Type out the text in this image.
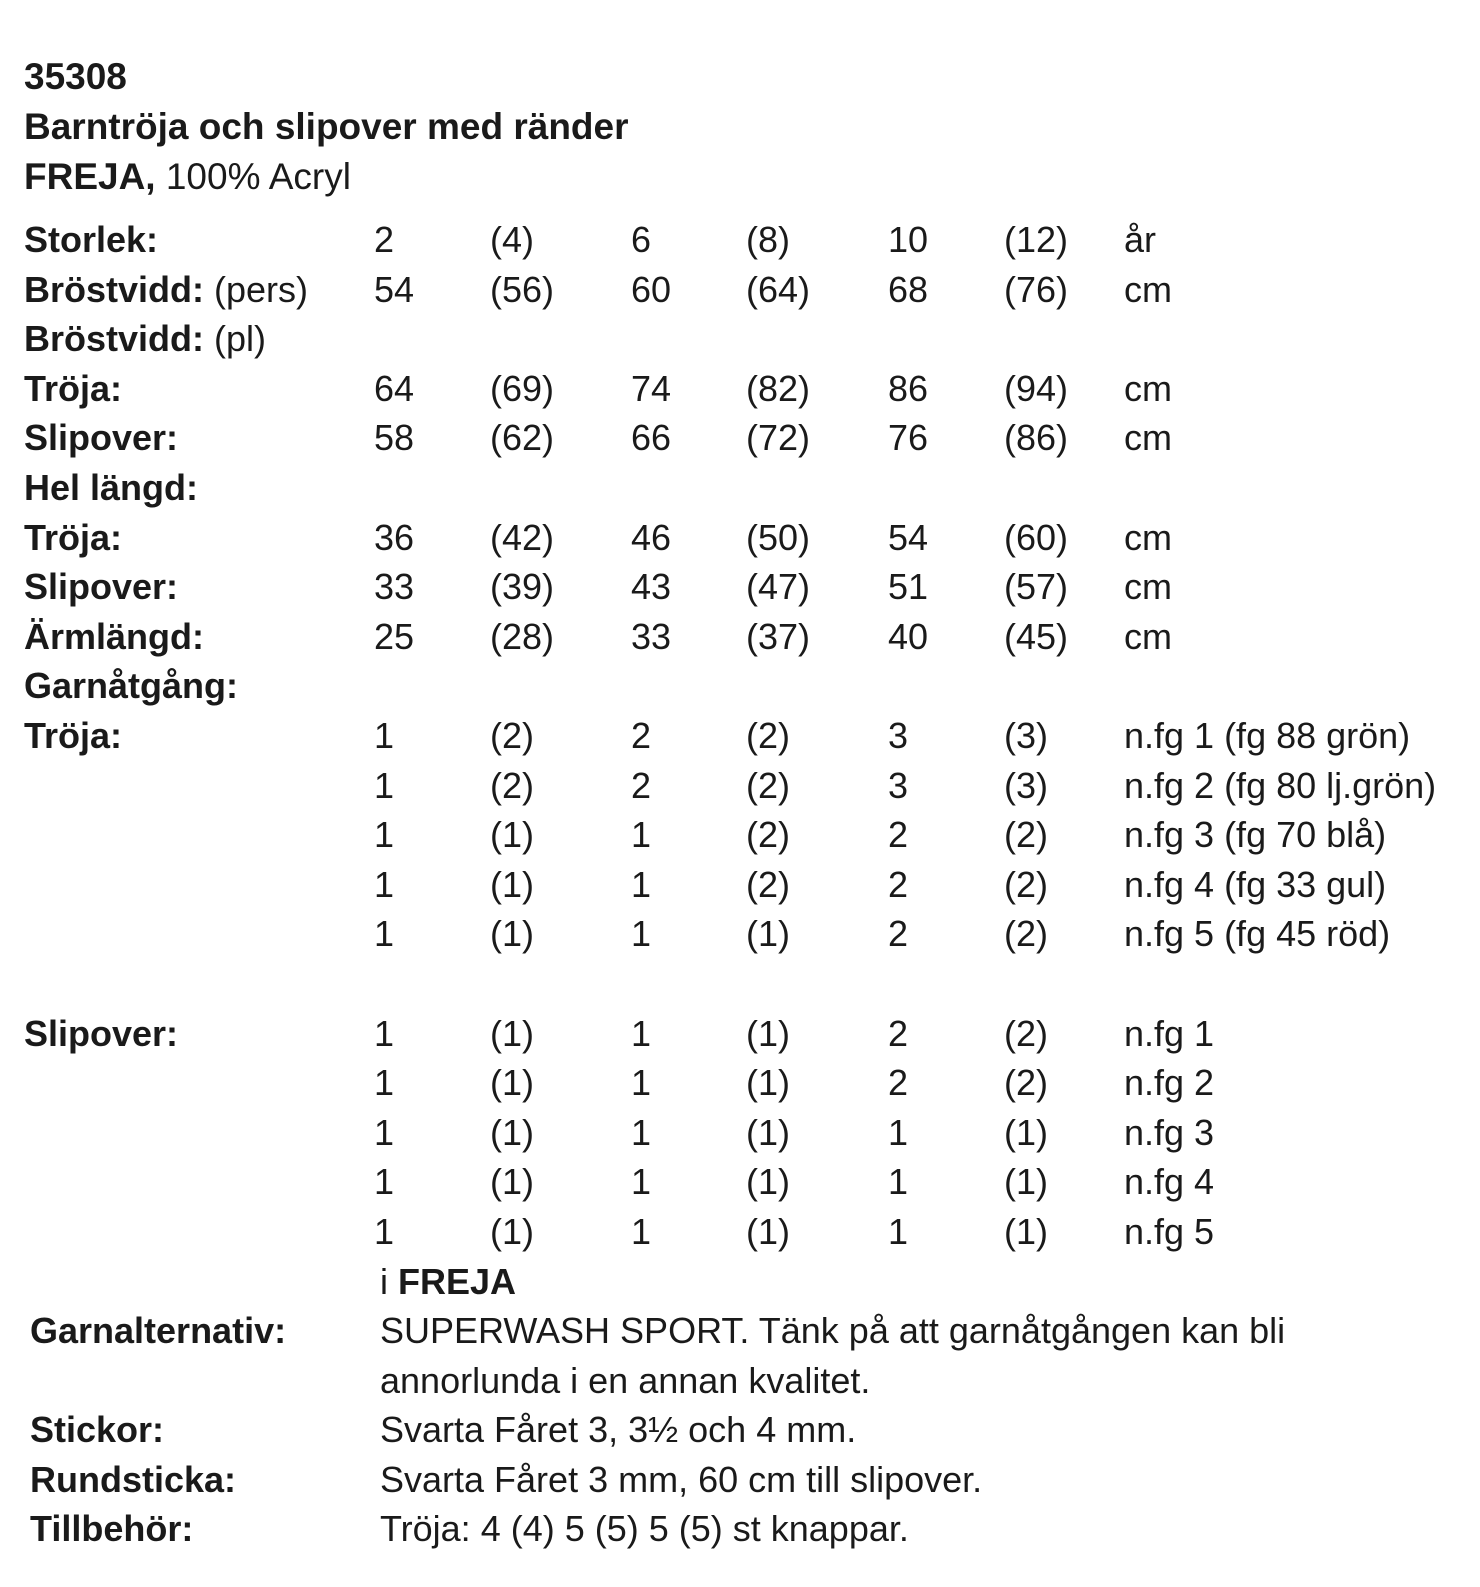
35308
Barntröja och slipover med ränder
FREJA, 100% Acryl
Storlek:	2	(4)	6	(8)	10 (12) år
Bröstvidd: (pers) 54 (56) 60 (64) 68 (76) cm
Bröstvidd: (pl)
Tröja:	64 (69) 74 (82) 86 (94) cm
Slipover:	58 (62) 66 (72) 76 (86) cm
Hel längd:
Tröja:	36 (42) 46 (50) 54 (60) cm
Slipover:	33 (39) 43 (47) 51 (57) cm
Ärmlängd:	25 (28) 33 (37) 40 (45) cm
Garnåtgång:
Tröja:	1	(2)	2	(2)	3	(3) n.fg 1 (fg 88 grön)
1	(2)	2	(2)	3	(3) n.fg 2 (fg 80 lj.grön)
1	(1)	1	(2)	2	(2) n.fg 3 (fg 70 blå)
1	(1)	1	(2)	2	(2) n.fg 4 (fg 33 gul)
1	(1)	1	(1)	2	(2) n.fg 5 (fg 45 röd)
Slipover:	1	(1)	1	(1)	2	(2) n.fg 1
1	(1)	1	(1)	2	(2) n.fg 2
1	(1)	1	(1)	1	(1) n.fg 3
1	(1)	1	(1)	1	(1) n.fg 4
1	(1)	1	(1)	1	(1) n.fg 5
i FREJA
Garnalternativ:	SUPERWASH SPORT. Tänk på att garnåtgången kan bli
annorlunda i en annan kvalitet.
Stickor:	Svarta Fåret 3, 3½ och 4 mm.
Rundsticka:	Svarta Fåret 3 mm, 60 cm till slipover.
Tillbehör:	Tröja: 4 (4) 5 (5) 5 (5) st knappar.
